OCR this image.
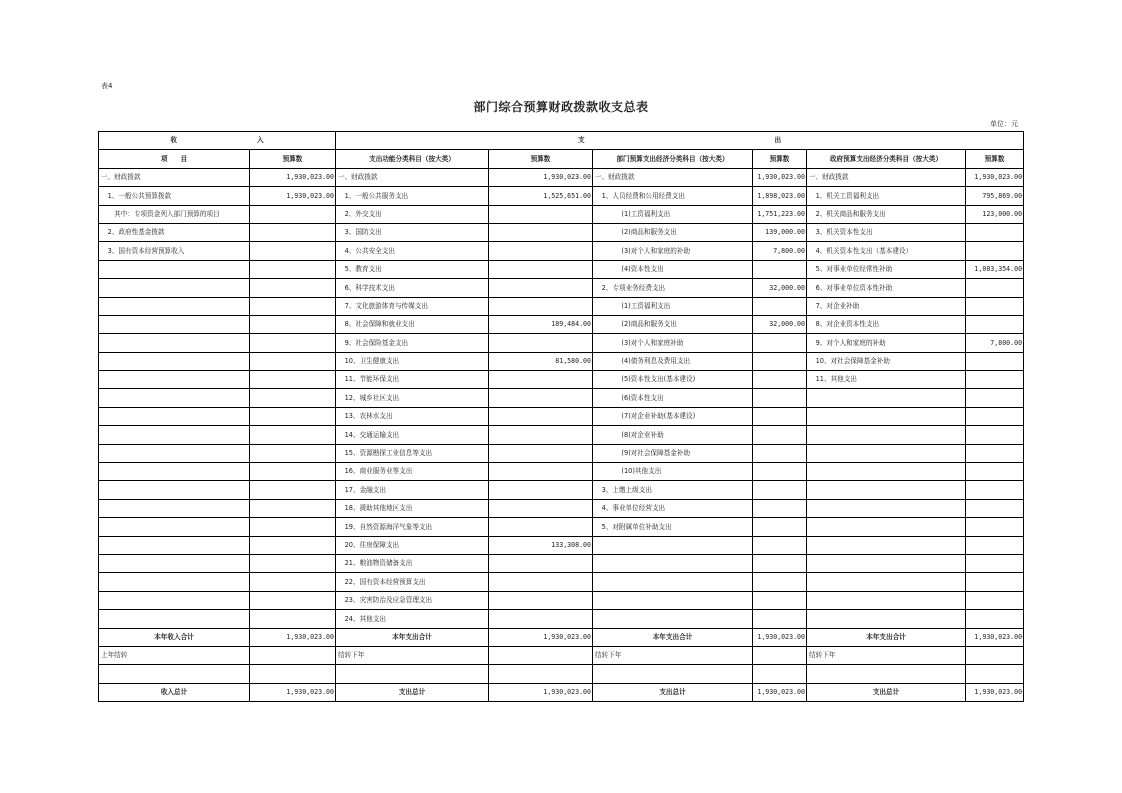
表4
部门综合预算财政拨款收支总表
单位：元
收 入		支 出					
项　　目	预算数	支出功能分类科目（按大类）	预算数	部门预算支出经济分类科目（按大类）	预算数	政府预算支出经济分类科目（按大类）	预算数
一、财政拨款	1,930,023.00	一、财政拨款	1,930,023.00	一、财政拨款	1,930,023.00	一、财政拨款	1,930,023.00
　1、一般公共预算拨款	1,930,023.00	　1、一般公共服务支出	1,525,651.00	　1、人员经费和公用经费支出	1,898,023.00	　1、机关工资福利支出	795,869.00
　　其中：专项资金列入部门预算的项目		　2、外交支出		　　　　(1)工资福利支出	1,751,223.00	　2、机关商品和服务支出	123,000.00
　2、政府性基金拨款		　3、国防支出		　　　　(2)商品和服务支出	139,000.00	　3、机关资本性支出	
　3、国有资本经营预算收入		　4、公共安全支出		　　　　(3)对个人和家庭的补助	7,800.00	　4、机关资本性支出（基本建设）	
		　5、教育支出		　　　　(4)资本性支出		　5、对事业单位经常性补助	1,003,354.00
		　6、科学技术支出		　2、专项业务经费支出	32,000.00	　6、对事业单位资本性补助	
		　7、文化旅游体育与传媒支出		　　　　(1)工资福利支出		　7、对企业补助	
		　8、社会保障和就业支出	189,484.00	　　　　(2)商品和服务支出	32,000.00	　8、对企业资本性支出	
		　9、社会保险基金支出		　　　　(3)对个人和家庭补助		　9、对个人和家庭的补助	7,800.00
		　10、卫生健康支出	81,580.00	　　　　(4)债务利息及费用支出		　10、对社会保障基金补助	
		　11、节能环保支出		　　　　(5)资本性支出(基本建设)		　11、其他支出	
		　12、城乡社区支出		　　　　(6)资本性支出			
		　13、农林水支出		　　　　(7)对企业补助(基本建设)			
		　14、交通运输支出		　　　　(8)对企业补助			
		　15、资源勘探工业信息等支出		　　　　(9)对社会保障基金补助			
		　16、商业服务业等支出		　　　　(10)其他支出			
		　17、金融支出		　3、上缴上级支出			
		　18、援助其他地区支出		　4、事业单位经营支出			
		　19、自然资源海洋气象等支出		　5、对附属单位补助支出			
		　20、住房保障支出	133,308.00				
		　21、粮油物资储备支出					
		　22、国有资本经营预算支出					
		　23、灾害防治及应急管理支出					
		　24、其他支出					
本年收入合计	1,930,023.00	本年支出合计	1,930,023.00	本年支出合计	1,930,023.00	本年支出合计	1,930,023.00
上年结转		结转下年		结转下年		结转下年	

收入总计	1,930,023.00	支出总计	1,930,023.00	支出总计	1,930,023.00	支出总计	1,930,023.00
